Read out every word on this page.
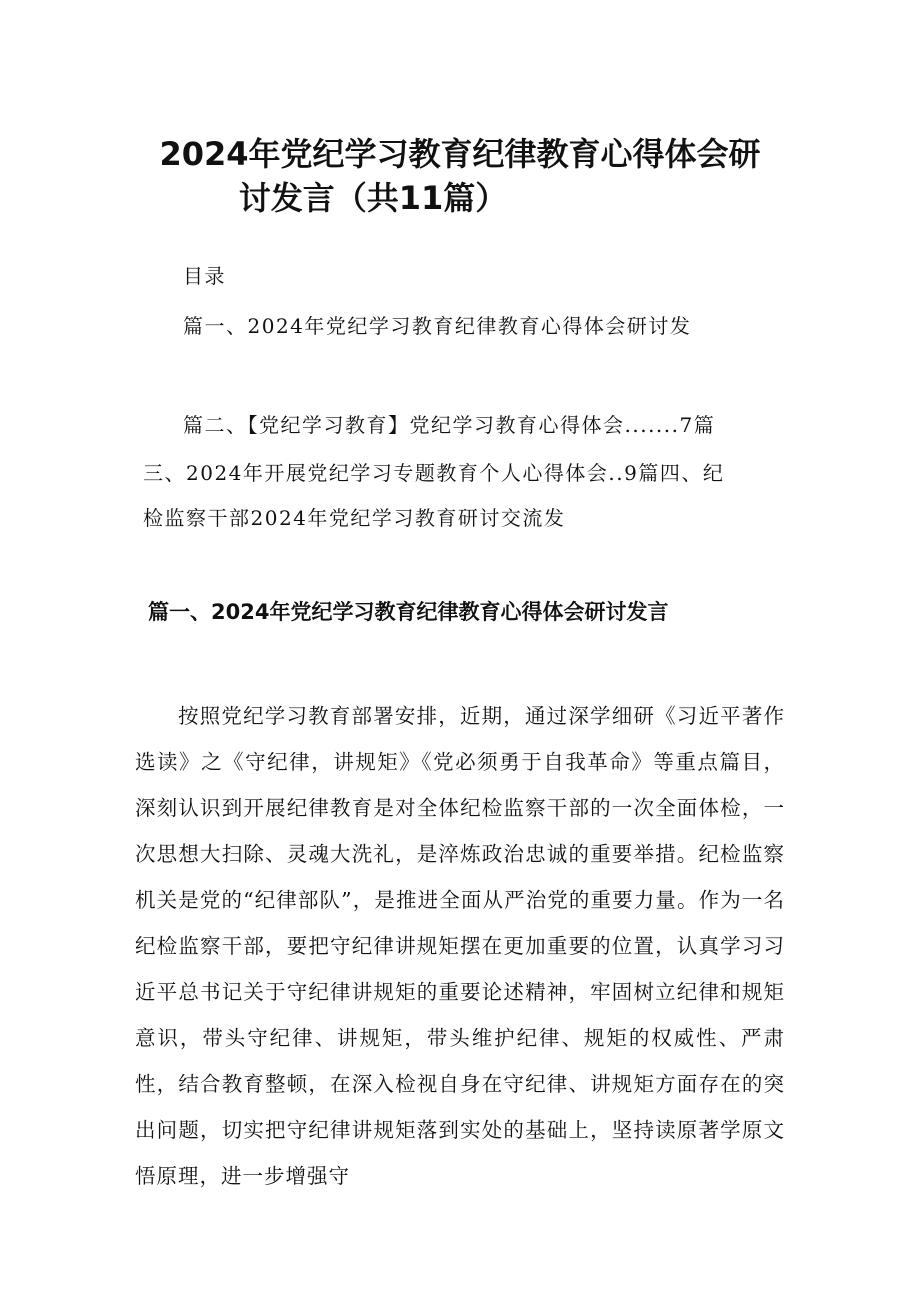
2024年党纪学习教育纪律教育心得体会研
讨发言（共11篇）
目录
篇一、2024年党纪学习教育纪律教育心得体会研讨发
篇二、【党纪学习教育】党纪学习教育心得体会.......7篇
三、2024年开展党纪学习专题教育个人心得体会..9篇四、纪
检监察干部2024年党纪学习教育研讨交流发
篇一、2024年党纪学习教育纪律教育心得体会研讨发言

按照党纪学习教育部署安排，近期，通过深学细研《习近平著作选读》之《守纪律，讲规矩》《党必须勇于自我革命》等重点篇目，深刻认识到开展纪律教育是对全体纪检监察干部的一次全面体检，一次思想大扫除、灵魂大洗礼，是淬炼政治忠诚的重要举措。纪检监察机关是党的“纪律部队”，是推进全面从严治党的重要力量。作为一名纪检监察干部，要把守纪律讲规矩摆在更加重要的位置，认真学习习近平总书记关于守纪律讲规矩的重要论述精神，牢固树立纪律和规矩意识，带头守纪律、讲规矩，带头维护纪律、规矩的权威性、严肃性，结合教育整顿，在深入检视自身在守纪律、讲规矩方面存在的突出问题，切实把守纪律讲规矩落到实处的基础上，坚持读原著学原文悟原理，进一步增强守
